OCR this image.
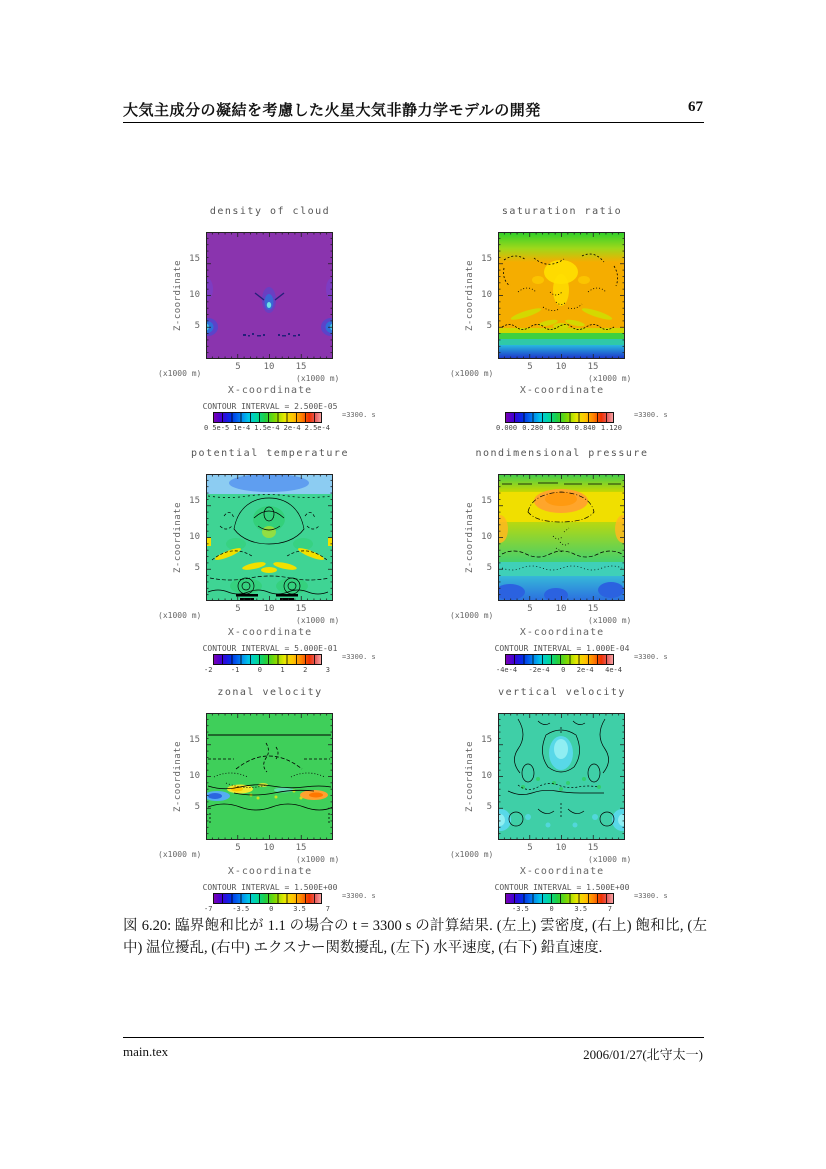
大気主成分の凝結を考慮した火星大気非静力学モデルの開発	67
density of cloud
Z-coordinate
15
10
5
5	10 15
(x1000 m)
(x1000 m)
X-coordinate
CONTOUR INTERVAL = 2.500E-05
0 5e-5 1e-4 1.5e-4 2e-4 2.5e-4
=3300. s
saturation ratio
Z-coordinate
15
10
5
5	10 15
(x1000 m)
(x1000 m)
X-coordinate
0.000 0.280 0.560 0.840 1.120
=3300. s
potential temperature
Z-coordinate
15
10
5
5	10 15
(x1000 m)
(x1000 m)
X-coordinate
CONTOUR INTERVAL = 5.000E-01
-2	-1	0	1	2	3
=3300. s
nondimensional pressure
Z-coordinate
15
10
5
5	10 15
(x1000 m)
(x1000 m)
X-coordinate
CONTOUR INTERVAL = 1.000E-04
-4e-4 -2e-4 0 2e-4 4e-4
=3300. s
zonal velocity
Z-coordinate
15
10
5
5	10 15
(x1000 m)
(x1000 m)
X-coordinate
CONTOUR INTERVAL = 1.500E+00
-7	-3.5	0	3.5	7
=3300. s
vertical velocity
Z-coordinate
15
10
5
5	10 15
(x1000 m)
(x1000 m)
X-coordinate
CONTOUR INTERVAL = 1.500E+00
-3.5	0	3.5	7
=3300. s
図 6.20: 臨界飽和比が 1.1 の場合の t = 3300 s の計算結果. (左上) 雲密度, (右上) 飽和比, (左中) 温位擾乱, (右中) エクスナー関数擾乱, (左下) 水平速度, (右下) 鉛直速度.
main.tex	2006/01/27(北守太一)
